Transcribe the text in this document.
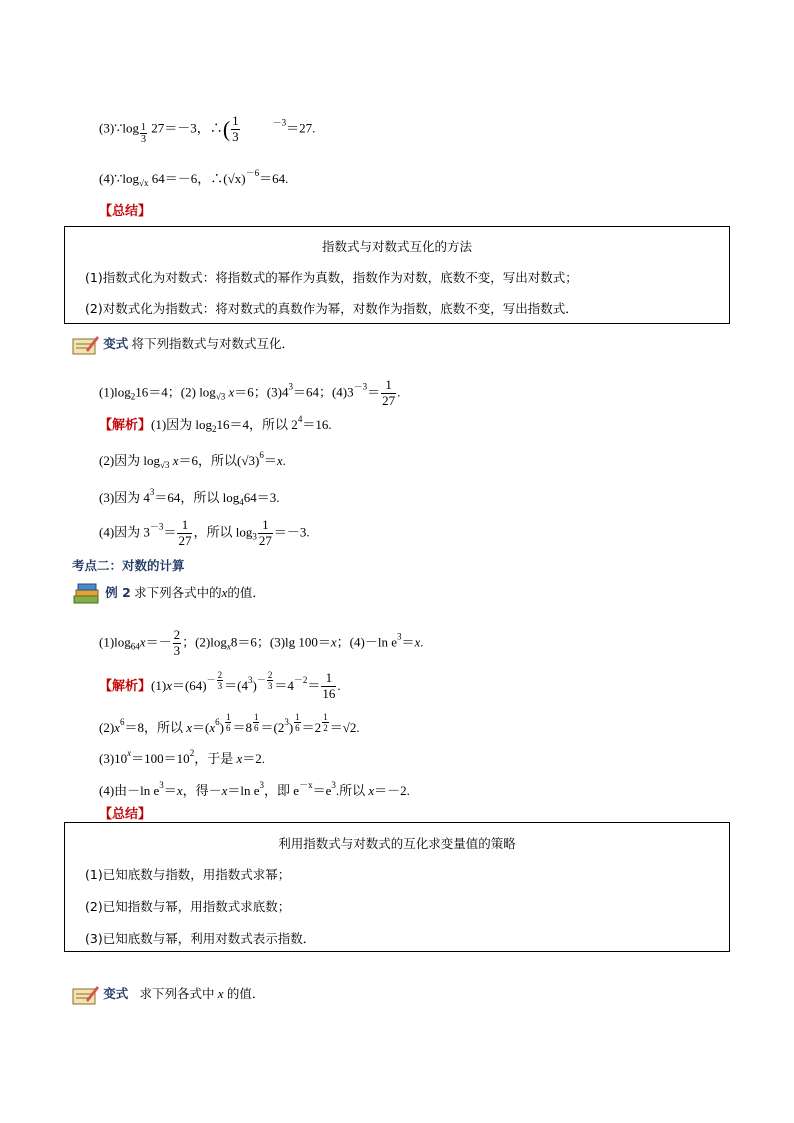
(3)∵log $\frac{1}{3} 27=-3$，∴( $\frac{1}{3}$	$^{-3}$＝27.
$(4)\because\log_{√x}$ 64＝－6，$\therefore(√x)^{-6}=64$.
【总结】
指数式与对数式互化的方法
(1)指数式化为对数式：将指数式的幂作为真数，指数作为对数，底数不变，写出对数式；
(2)对数式化为指数式：将对数式的真数作为幂，对数作为指数，底数不变，写出指数式．
变式 将下列指数式与对数式互化．
$(1)\log_216=4$；(2) $\log_{√3} x=6$；$(3)4^3=64$；$(4)3^{-3}= \frac{1}{27}$ .
【解析】(1)因为 $\log_216=4$，所以 $2^4=16$.
(2)因为 $\log_{√3} x=6$，所以$(√3)^6=x$.
(3)因为 $4^3=64$，所以 $\log_464=3$.
(4)因为 $3^{-3}= \frac{1}{27}$ ，所以 $\log_3 \frac{1}{27} =-3$.
考点二：对数的计算
例 2 求下列各式中的x的值．
$(1)\log_{64}x=- \frac{2}{3}$ ；$(2)\log_x8=6$；(3)lg 100＝x；(4)－ln $e^3=x$.
【解析】$(1)x=(64)^{- \frac{2}{3}} =(4^3)^{- \frac{2}{3}} =4^{-2}= \frac{1}{16}$ .
$(2)x^6=8$，所以 $x=(x^6)$ $^{\frac{1}{6}}$ ＝8 $^{\frac{1}{6}} =(2^3)$ $^{\frac{1}{6}}$ ＝2 $^{\frac{1}{2}}$ ＝√2.
$(3)10^x=100=10^2$，于是 x＝2.
(4)由－ln $e^3=x$，得－x＝ln $e^3$，即 $e^{-x}=e^3$.所以 x＝－2.
【总结】
利用指数式与对数式的互化求变量值的策略
(1)已知底数与指数，用指数式求幂；
(2)已知指数与幂，用指数式求底数；
(3)已知底数与幂，利用对数式表示指数．
变式 求下列各式中 x 的值．
